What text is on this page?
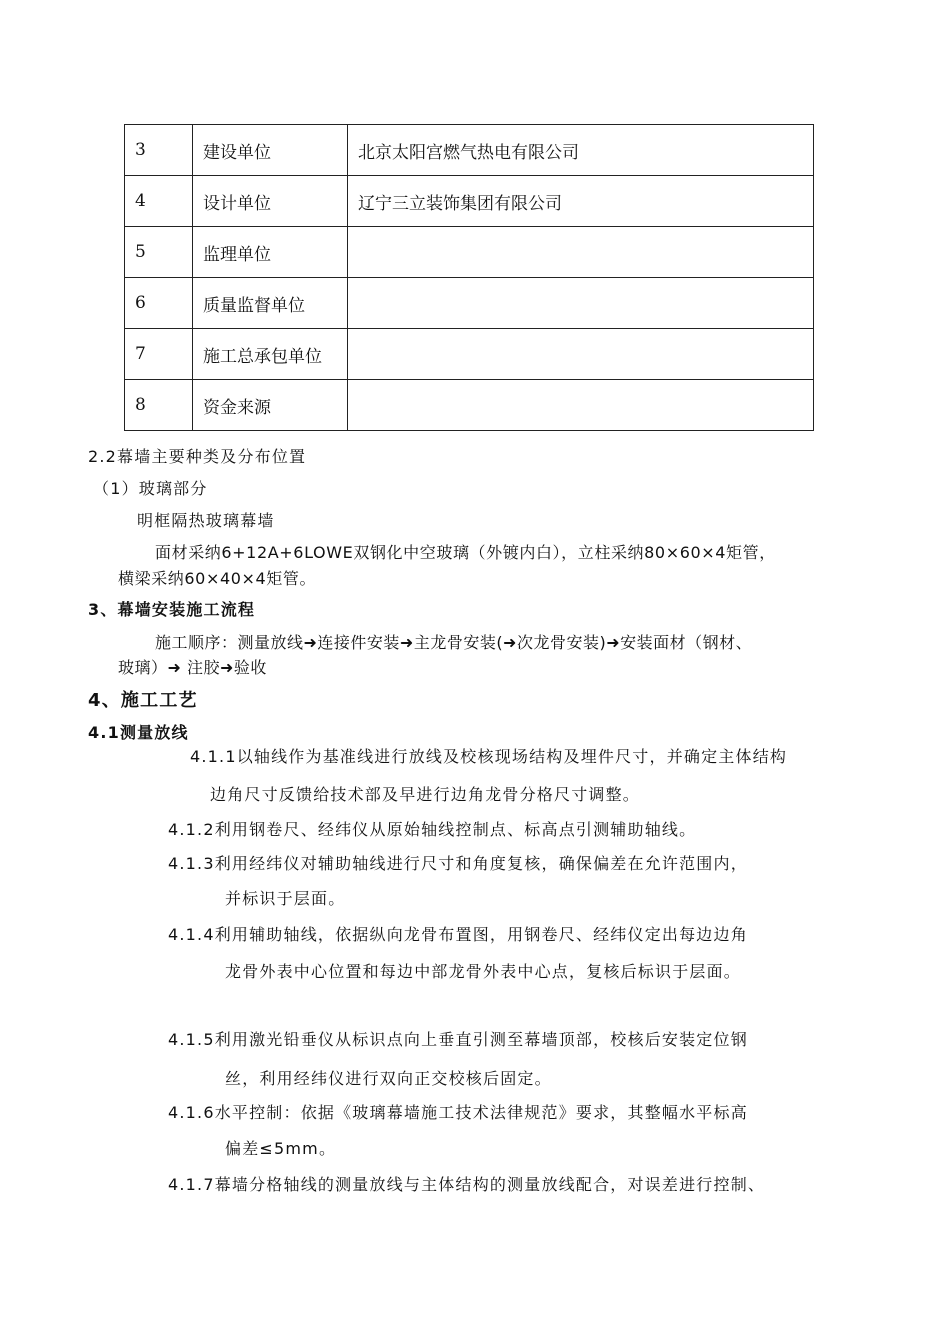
3	建设单位	北京太阳宫燃气热电有限公司
4	设计单位	辽宁三立装饰集团有限公司
5	监理单位	
6	质量监督单位	
7	施工总承包单位	
8	资金来源	
2.2幕墙主要种类及分布位置
（1）玻璃部分
明框隔热玻璃幕墙
面材采纳6+12A+6LOWE双钢化中空玻璃（外镀内白），立柱采纳80×60×4矩管，
横梁采纳60×40×4矩管。
3、幕墙安装施工流程
施工顺序：测量放线➜连接件安装➜主龙骨安装(➜次龙骨安装)➜安装面材（钢材、
玻璃）➜ 注胶➜验收
4、施工工艺
4.1测量放线
4.1.1以轴线作为基准线进行放线及校核现场结构及埋件尺寸，并确定主体结构
边角尺寸反馈给技术部及早进行边角龙骨分格尺寸调整。
4.1.2利用钢卷尺、经纬仪从原始轴线控制点、标高点引测辅助轴线。
4.1.3利用经纬仪对辅助轴线进行尺寸和角度复核，确保偏差在允许范围内，
并标识于层面。
4.1.4利用辅助轴线，依据纵向龙骨布置图，用钢卷尺、经纬仪定出每边边角
龙骨外表中心位置和每边中部龙骨外表中心点，复核后标识于层面。
4.1.5利用激光铅垂仪从标识点向上垂直引测至幕墙顶部，校核后安装定位钢
丝，利用经纬仪进行双向正交校核后固定。
4.1.6水平控制：依据《玻璃幕墙施工技术法律规范》要求，其整幅水平标高
偏差≤5mm。
4.1.7幕墙分格轴线的测量放线与主体结构的测量放线配合，对误差进行控制、
